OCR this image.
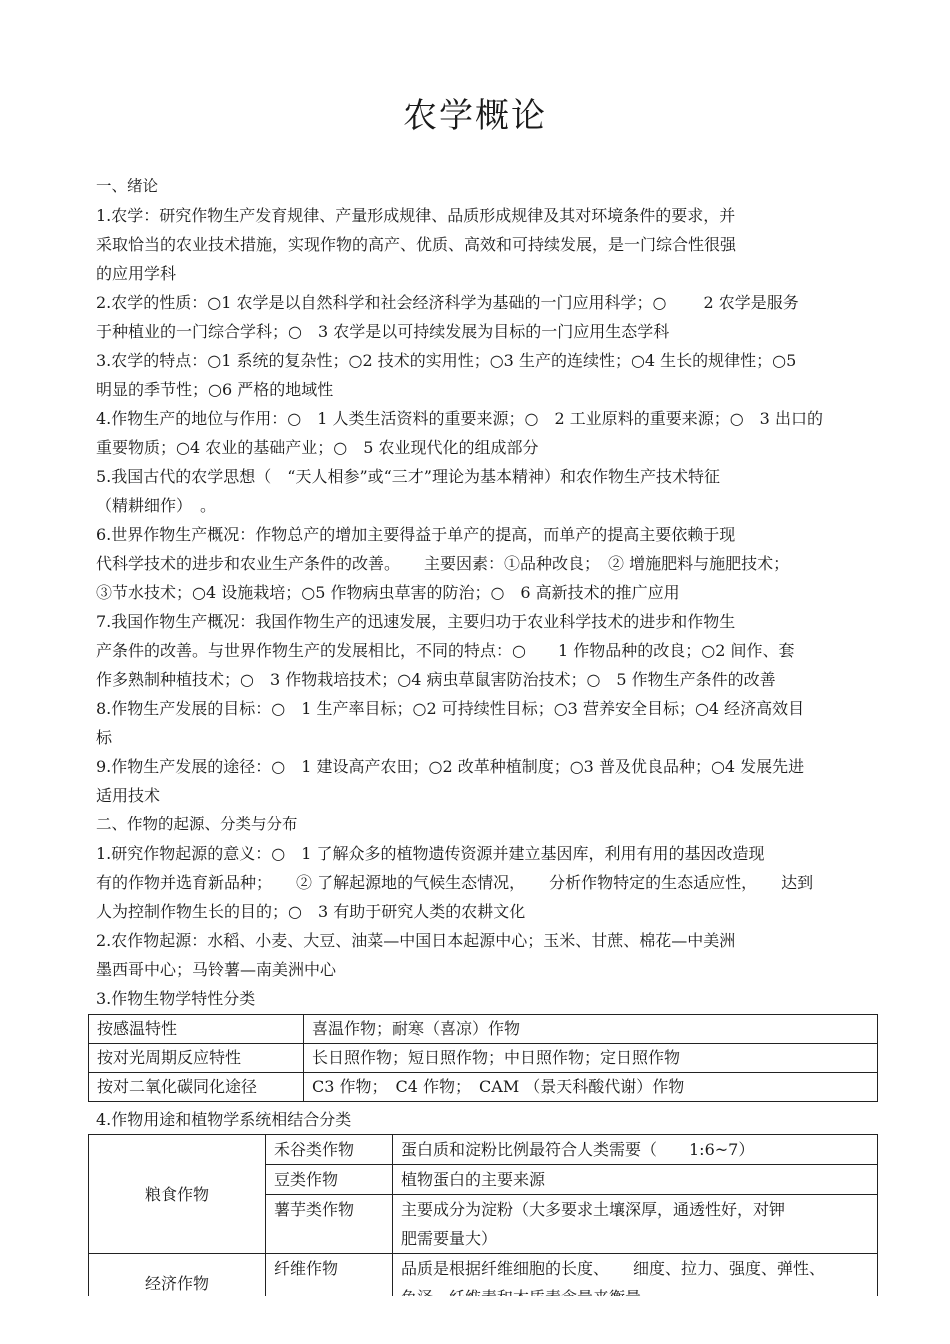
农学概论
一、绪论
1.农学：研究作物生产发育规律、产量形成规律、品质形成规律及其对环境条件的要求，并
采取恰当的农业技术措施，实现作物的高产、优质、高效和可持续发展，是一门综合性很强
的应用学科
2.农学的性质：○1 农学是以自然科学和社会经济科学为基础的一门应用科学；○　　 2 农学是服务
于种植业的一门综合学科；○　3 农学是以可持续发展为目标的一门应用生态学科
3.农学的特点：○1 系统的复杂性；○2 技术的实用性；○3 生产的连续性；○4 生长的规律性；○5
明显的季节性；○6 严格的地域性
4.作物生产的地位与作用：○　1 人类生活资料的重要来源；○　2 工业原料的重要来源；○　3 出口的
重要物质；○4 农业的基础产业；○　5 农业现代化的组成部分
5.我国古代的农学思想（　“天人相参”或“三才”理论为基本精神）和农作物生产技术特征
（精耕细作）　。
6.世界作物生产概况：作物总产的增加主要得益于单产的提高，而单产的提高主要依赖于现
代科学技术的进步和农业生产条件的改善。　　主要因素：①品种改良；　② 增施肥料与施肥技术；
③节水技术；○4 设施栽培；○5 作物病虫草害的防治；○　6 高新技术的推广应用
7.我国作物生产概况：我国作物生产的迅速发展，主要归功于农业科学技术的进步和作物生
产条件的改善。与世界作物生产的发展相比，不同的特点：○　　1 作物品种的改良；○2 间作、套
作多熟制种植技术；○　3 作物栽培技术；○4 病虫草鼠害防治技术；○　5 作物生产条件的改善
8.作物生产发展的目标：○　1 生产率目标；○2 可持续性目标；○3 营养安全目标；○4 经济高效目
标
9.作物生产发展的途径：○　1 建设高产农田；○2 改革种植制度；○3 普及优良品种；○4 发展先进
适用技术
二、作物的起源、分类与分布
1.研究作物起源的意义：○　1 了解众多的植物遗传资源并建立基因库，利用有用的基因改造现
有的作物并选育新品种；　　② 了解起源地的气候生态情况，　　分析作物特定的生态适应性，　　达到
人为控制作物生长的目的；○　3 有助于研究人类的农耕文化
2.农作物起源：水稻、小麦、大豆、油菜—中国日本起源中心；玉米、甘蔗、棉花—中美洲
墨西哥中心；马铃薯—南美洲中心
3.作物生物学特性分类
按感温特性	喜温作物；耐寒（喜凉）作物
按对光周期反应特性	长日照作物；短日照作物；中日照作物；定日照作物
按对二氧化碳同化途径	C3 作物；　C4 作物；　CAM （景天科酸代谢）作物
4.作物用途和植物学系统相结合分类
粮食作物	禾谷类作物	蛋白质和淀粉比例最符合人类需要（　　1:6~7）
	豆类作物	植物蛋白的主要来源
	薯芋类作物	主要成分为淀粉（大多要求土壤深厚，通透性好，对钾
		肥需要量大）
经济作物	纤维作物	品质是根据纤维细胞的长度、　　细度、拉力、强度、弹性、
